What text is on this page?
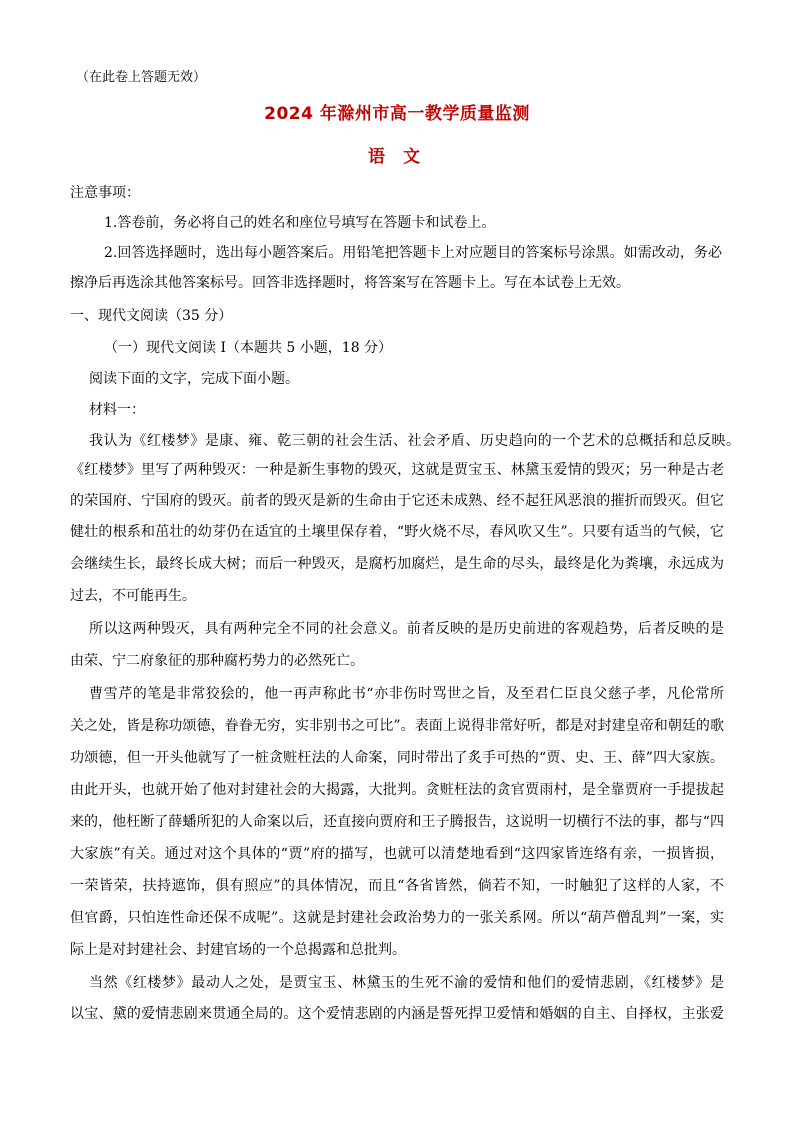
（在此卷上答题无效）
2024 年滁州市高一教学质量监测
语 文
注意事项：
1.答卷前，务必将自己的姓名和座位号填写在答题卡和试卷上。
2.回答选择题时，选出每小题答案后。用铅笔把答题卡上对应题目的答案标号涂黑。如需改动，务必
擦净后再选涂其他答案标号。回答非选择题时，将答案写在答题卡上。写在本试卷上无效。
一、现代文阅读（35 分）
（一）现代文阅读 I（本题共 5 小题，18 分）
阅读下面的文字，完成下面小题。
材料一：
我认为《红楼梦》是康、雍、乾三朝的社会生活、社会矛盾、历史趋向的一个艺术的总概括和总反映。
《红楼梦》里写了两种毁灭：一种是新生事物的毁灭，这就是贾宝玉、林黛玉爱情的毁灭；另一种是古老
的荣国府、宁国府的毁灭。前者的毁灭是新的生命由于它还未成熟、经不起狂风恶浪的摧折而毁灭。但它
健壮的根系和茁壮的幼芽仍在适宜的土壤里保存着，“野火烧不尽，春风吹又生”。只要有适当的气候，它
会继续生长，最终长成大树；而后一种毁灭，是腐朽加腐烂，是生命的尽头，最终是化为粪壤，永远成为
过去，不可能再生。
所以这两种毁灭，具有两种完全不同的社会意义。前者反映的是历史前进的客观趋势，后者反映的是
由荣、宁二府象征的那种腐朽势力的必然死亡。
曹雪芹的笔是非常狡狯的，他一再声称此书“亦非伤时骂世之旨，及至君仁臣良父慈子孝，凡伦常所
关之处，皆是称功颂德，眷眷无穷，实非别书之可比”。表面上说得非常好听，都是对封建皇帝和朝廷的歌
功颂德，但一开头他就写了一桩贪赃枉法的人命案，同时带出了炙手可热的“贾、史、王、薛”四大家族。
由此开头，也就开始了他对封建社会的大揭露，大批判。贪赃枉法的贪官贾雨村，是全靠贾府一手提拔起
来的，他枉断了薛蟠所犯的人命案以后，还直接向贾府和王子腾报告，这说明一切横行不法的事，都与“四
大家族”有关。通过对这个具体的“贾”府的描写，也就可以清楚地看到“这四家皆连络有亲，一损皆损，
一荣皆荣，扶持遮饰，俱有照应”的具体情况，而且“各省皆然，倘若不知，一时触犯了这样的人家，不
但官爵，只怕连性命还保不成呢”。这就是封建社会政治势力的一张关系网。所以“葫芦僧乱判”一案，实
际上是对封建社会、封建官场的一个总揭露和总批判。
当然《红楼梦》最动人之处，是贾宝玉、林黛玉的生死不渝的爱情和他们的爱情悲剧，《红楼梦》是
以宝、黛的爱情悲剧来贯通全局的。这个爱情悲剧的内涵是誓死捍卫爱情和婚姻的自主、自择权，主张爱
